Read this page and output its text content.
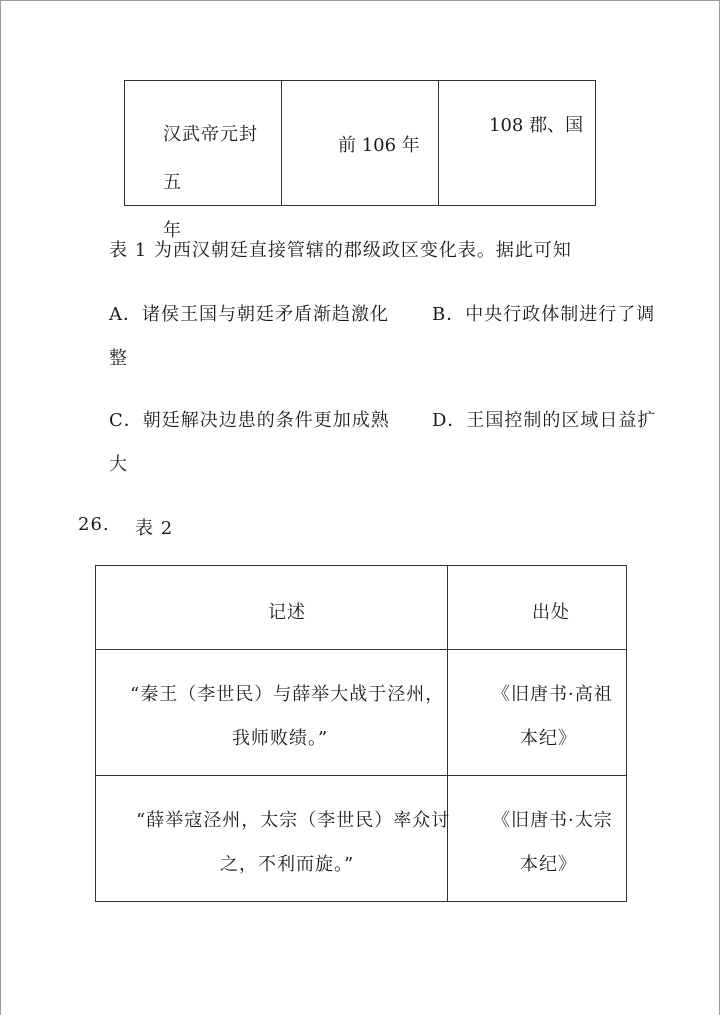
汉武帝元封五
年
前 106 年
108 郡、国
表 1 为西汉朝廷直接管辖的郡级政区变化表。据此可知
A．诸侯王国与朝廷矛盾渐趋激化 B．中央行政体制进行了调
整
C．朝廷解决边患的条件更加成熟 D．王国控制的区域日益扩
大
26. 表 2
记述	出处
“秦王（李世民）与薛举大战于泾州，
我师败绩。”
《旧唐书·高祖
本纪》
“薛举寇泾州，太宗（李世民）率众讨
之，不利而旋。”
《旧唐书·太宗
本纪》
